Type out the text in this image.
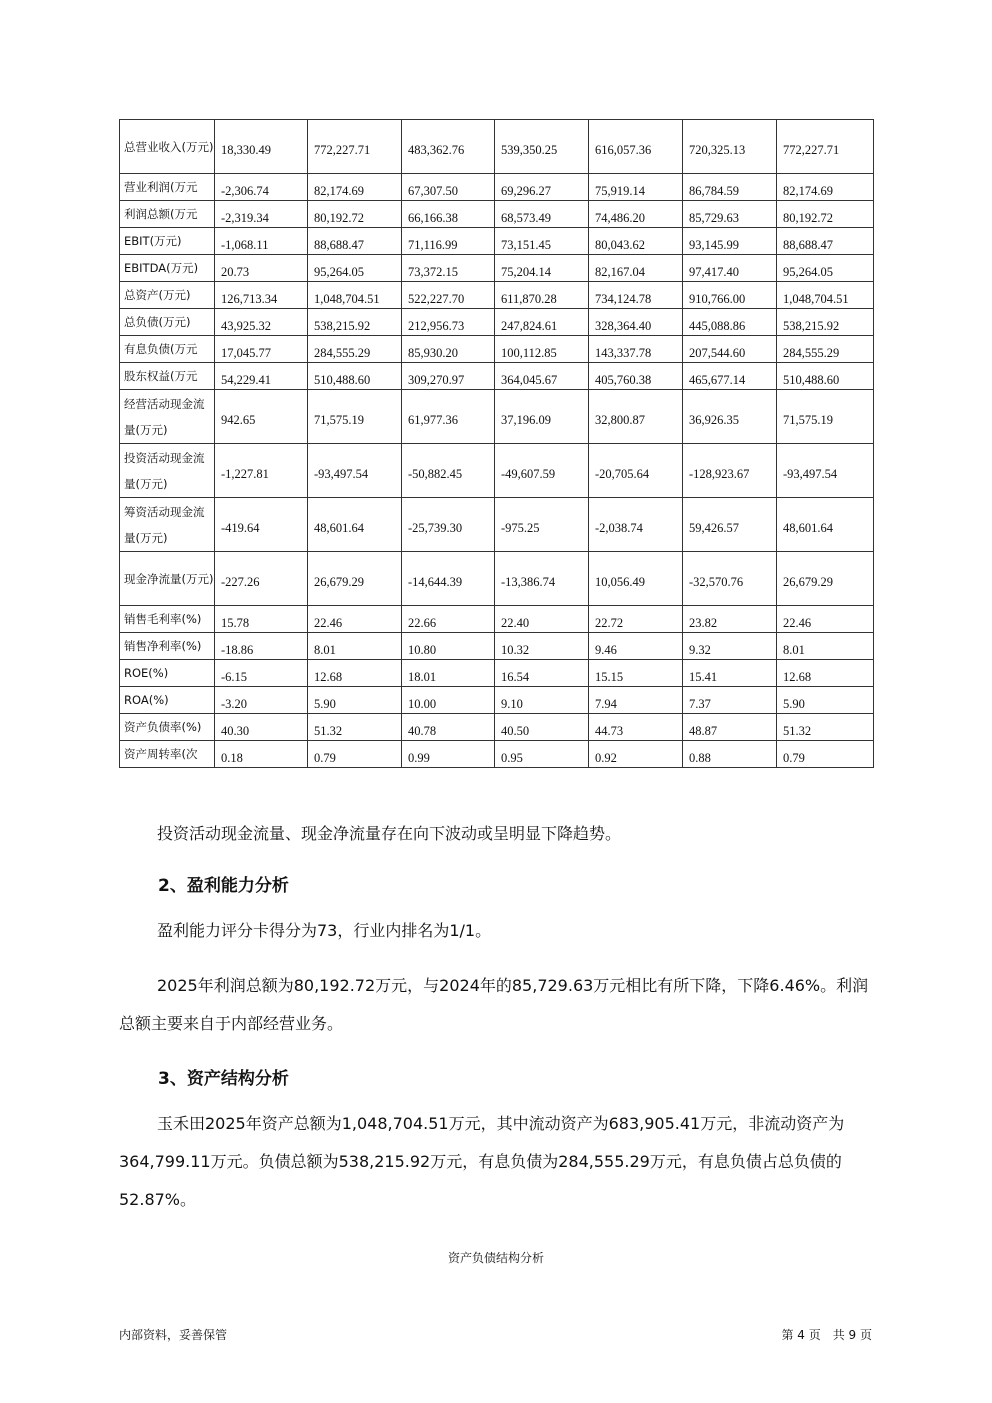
总营业收入(万元)	18,330.49	772,227.71	483,362.76	539,350.25	616,057.36	720,325.13	772,227.71
营业利润(万元	-2,306.74	82,174.69	67,307.50	69,296.27	75,919.14	86,784.59	82,174.69
利润总额(万元	-2,319.34	80,192.72	66,166.38	68,573.49	74,486.20	85,729.63	80,192.72
EBIT(万元)	-1,068.11	88,688.47	71,116.99	73,151.45	80,043.62	93,145.99	88,688.47
EBITDA(万元)	20.73	95,264.05	73,372.15	75,204.14	82,167.04	97,417.40	95,264.05
总资产(万元)	126,713.34	1,048,704.51	522,227.70	611,870.28	734,124.78	910,766.00	1,048,704.51
总负债(万元)	43,925.32	538,215.92	212,956.73	247,824.61	328,364.40	445,088.86	538,215.92
有息负债(万元	17,045.77	284,555.29	85,930.20	100,112.85	143,337.78	207,544.60	284,555.29
股东权益(万元	54,229.41	510,488.60	309,270.97	364,045.67	405,760.38	465,677.14	510,488.60
经营活动现金流量(万元)	942.65	71,575.19	61,977.36	37,196.09	32,800.87	36,926.35	71,575.19
投资活动现金流量(万元)	-1,227.81	-93,497.54	-50,882.45	-49,607.59	-20,705.64	-128,923.67	-93,497.54
筹资活动现金流量(万元)	-419.64	48,601.64	-25,739.30	-975.25	-2,038.74	59,426.57	48,601.64
现金净流量(万元)	-227.26	26,679.29	-14,644.39	-13,386.74	10,056.49	-32,570.76	26,679.29
销售毛利率(%)	15.78	22.46	22.66	22.40	22.72	23.82	22.46
销售净利率(%)	-18.86	8.01	10.80	10.32	9.46	9.32	8.01
ROE(%)	-6.15	12.68	18.01	16.54	15.15	15.41	12.68
ROA(%)	-3.20	5.90	10.00	9.10	7.94	7.37	5.90
资产负债率(%)	40.30	51.32	40.78	40.50	44.73	48.87	51.32
资产周转率(次	0.18	0.79	0.99	0.95	0.92	0.88	0.79

投资活动现金流量、现金净流量存在向下波动或呈明显下降趋势。

2、盈利能力分析

盈利能力评分卡得分为73，行业内排名为1/1。

2025年利润总额为80,192.72万元，与2024年的85,729.63万元相比有所下降，下降6.46%。利润总额主要来自于内部经营业务。

3、资产结构分析

玉禾田2025年资产总额为1,048,704.51万元，其中流动资产为683,905.41万元，非流动资产为364,799.11万元。负债总额为538,215.92万元，有息负债为284,555.29万元，有息负债占总负债的52.87%。

资产负债结构分析

内部资料，妥善保管	第 4 页　共 9 页
